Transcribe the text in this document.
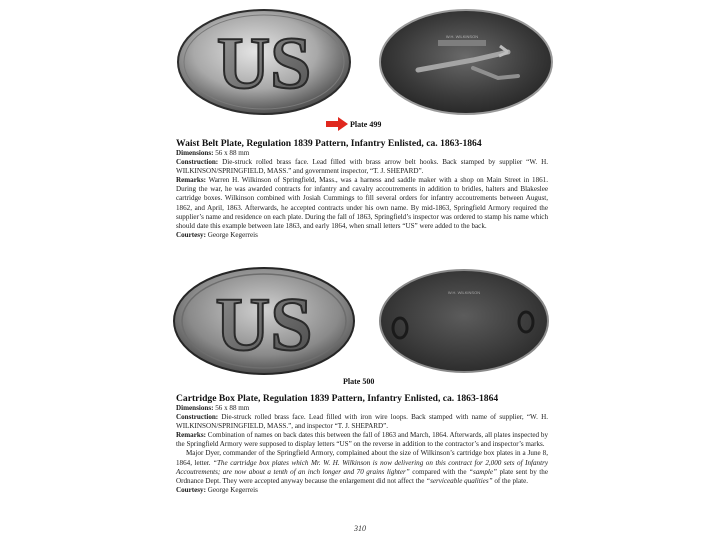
US	W.H. WILKINSON
Plate 499
Waist Belt Plate, Regulation 1839 Pattern, Infantry Enlisted, ca. 1863-1864

Dimensions: 56 x 88 mm

Construction: Die-struck rolled brass face. Lead filled with brass arrow belt hooks. Back stamped by supplier “W. H. WILKINSON/SPRINGFIELD, MASS.” and government inspector, “T. J. SHEPARD”.

Remarks: Warren H. Wilkinson of Springfield, Mass., was a harness and saddle maker with a shop on Main Street in 1861. During the war, he was awarded contracts for infantry and cavalry accoutrements in addition to bridles, halters and Blakeslee cartridge boxes. Wilkinson combined with Josiah Cummings to fill several orders for infantry accoutrements between August, 1862, and April, 1863. Afterwards, he accepted contracts under his own name. By mid-1863, Springfield Armory required the supplier’s name and residence on each plate. During the fall of 1863, Springfield’s inspector was ordered to stamp his name which should date this example between late 1863, and early 1864, when small letters “US” were added to the back.

Courtesy: George Kegerreis

US	W.H. WILKINSON
Plate 500
Cartridge Box Plate, Regulation 1839 Pattern, Infantry Enlisted, ca. 1863-1864

Dimensions: 56 x 88 mm

Construction: Die-struck rolled brass face. Lead filled with iron wire loops. Back stamped with name of supplier, “W. H. WILKINSON/SPRINGFIELD, MASS.”, and inspector “T. J. SHEPARD”.

Remarks: Combination of names on back dates this between the fall of 1863 and March, 1864. Afterwards, all plates inspected by the Springfield Armory were supposed to display letters “US” on the reverse in addition to the contractor’s and inspector’s marks.

Major Dyer, commander of the Springfield Armory, complained about the size of Wilkinson’s cartridge box plates in a June 8, 1864, letter. “The cartridge box plates which Mr. W. H. Wilkinson is now delivering on this contract for 2,000 sets of Infantry Accoutrements; are now about a tenth of an inch longer and 70 grains lighter” compared with the “sample” plate sent by the Ordnance Dept. They were accepted anyway because the enlargement did not affect the “serviceable qualities” of the plate.

Courtesy: George Kegerreis

310
